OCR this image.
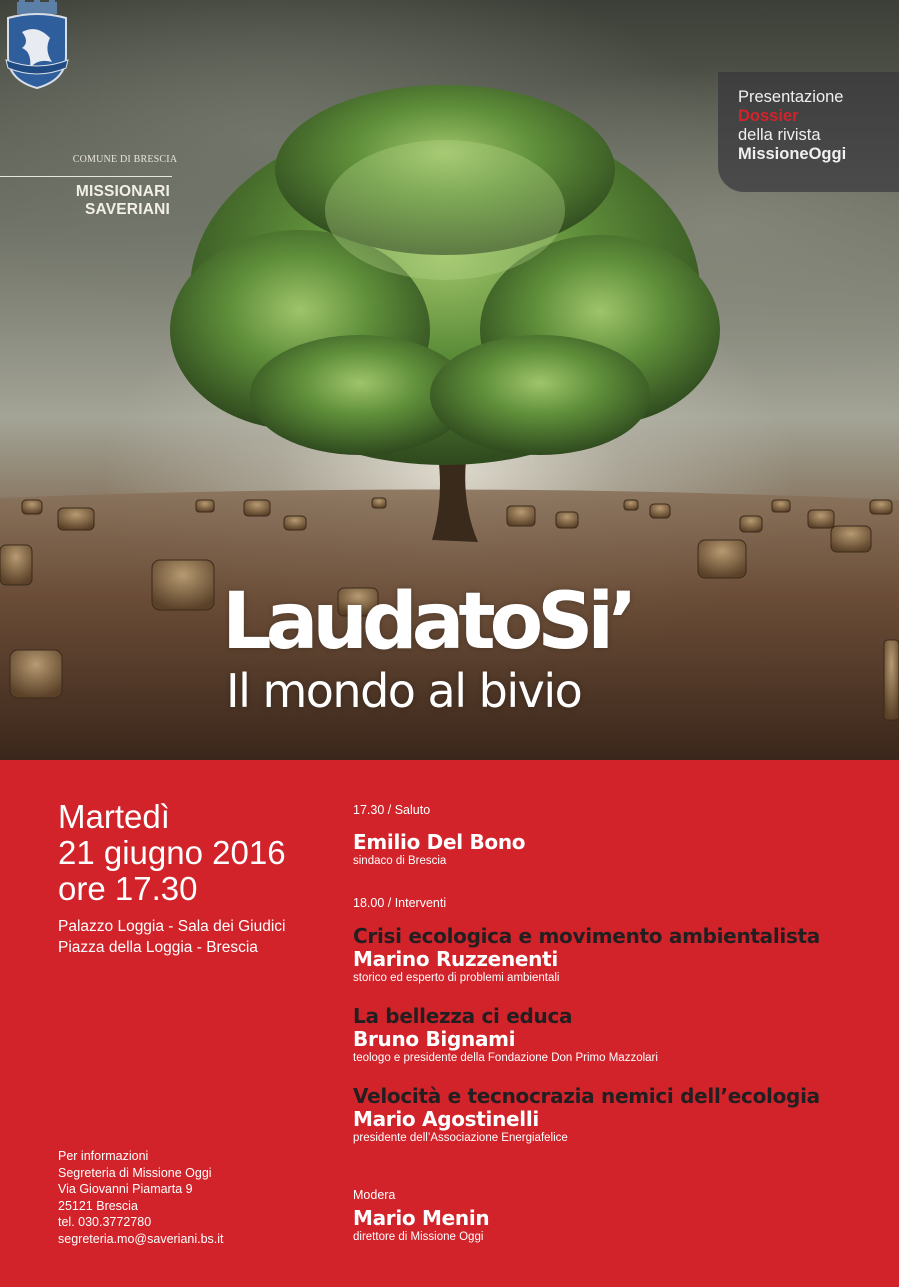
COMUNE DI BRESCIA
MISSIONARI
SAVERIANI
Presentazione
Dossier
della rivista
MissioneOggi
LaudatoSi’
Il mondo al bivio
Martedì
21 giugno 2016
ore 17.30
Palazzo Loggia - Sala dei Giudici
Piazza della Loggia - Brescia
Per informazioni
Segreteria di Missione Oggi
Via Giovanni Piamarta 9
25121 Brescia
tel. 030.3772780
segreteria.mo@saveriani.bs.it
17.30 / Saluto
Emilio Del Bono
sindaco di Brescia
18.00 / Interventi
Crisi ecologica e movimento ambientalista
Marino Ruzzenenti
storico ed esperto di problemi ambientali
La bellezza ci educa
Bruno Bignami
teologo e presidente della Fondazione Don Primo Mazzolari
Velocità e tecnocrazia nemici dell’ecologia
Mario Agostinelli
presidente dell’Associazione Energiafelice
Modera
Mario Menin
direttore di Missione Oggi
